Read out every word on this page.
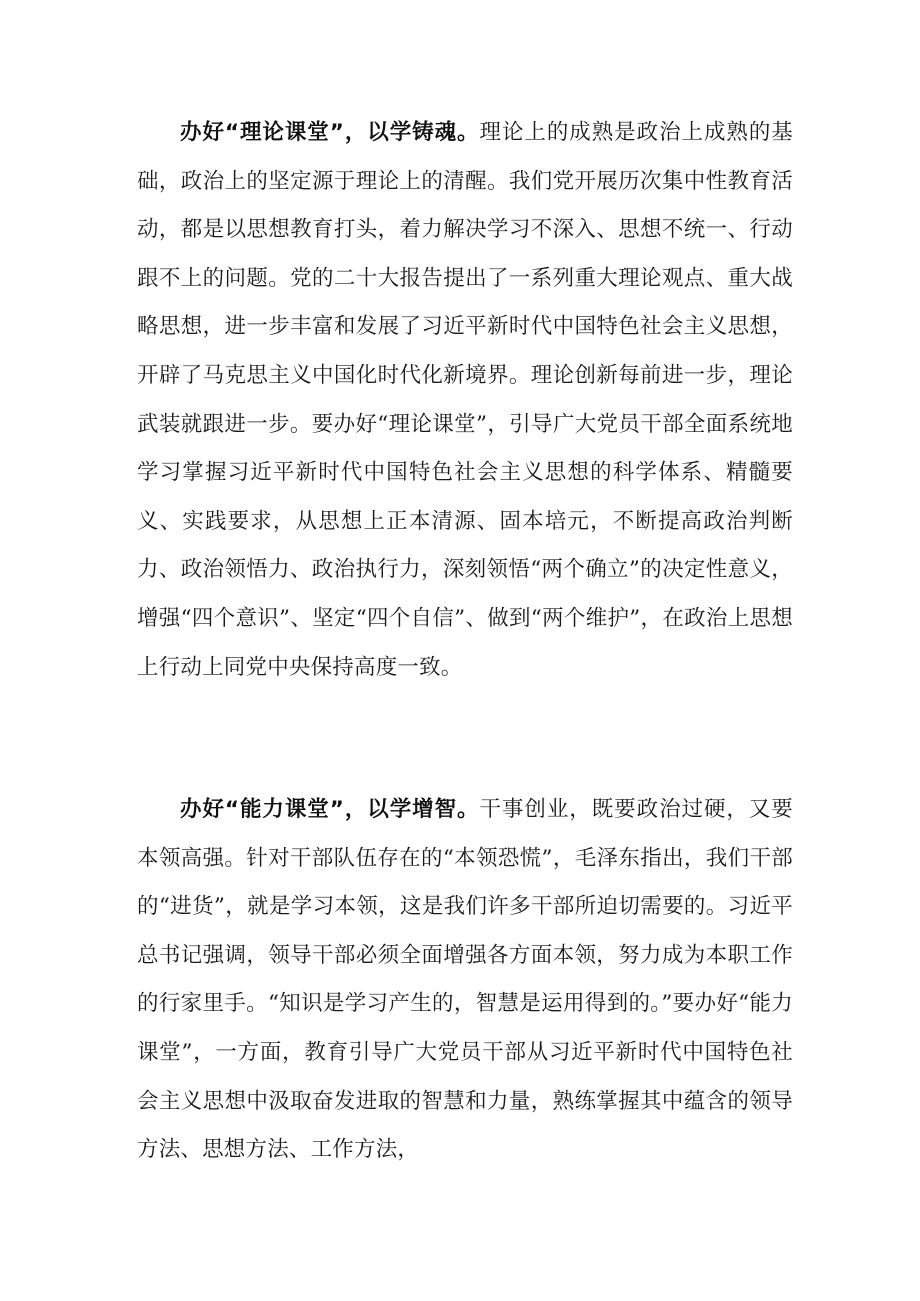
办好“理论课堂”，以学铸魂。理论上的成熟是政治上成熟的基础，政治上的坚定源于理论上的清醒。我们党开展历次集中性教育活动，都是以思想教育打头，着力解决学习不深入、思想不统一、行动跟不上的问题。党的二十大报告提出了一系列重大理论观点、重大战略思想，进一步丰富和发展了习近平新时代中国特色社会主义思想，开辟了马克思主义中国化时代化新境界。理论创新每前进一步，理论武装就跟进一步。要办好“理论课堂”，引导广大党员干部全面系统地学习掌握习近平新时代中国特色社会主义思想的科学体系、精髓要义、实践要求，从思想上正本清源、固本培元，不断提高政治判断力、政治领悟力、政治执行力，深刻领悟“两个确立”的决定性意义，增强“四个意识”、坚定“四个自信”、做到“两个维护”，在政治上思想上行动上同党中央保持高度一致。

办好“能力课堂”，以学增智。干事创业，既要政治过硬，又要本领高强。针对干部队伍存在的“本领恐慌”，毛泽东指出，我们干部的“进货”，就是学习本领，这是我们许多干部所迫切需要的。习近平总书记强调，领导干部必须全面增强各方面本领，努力成为本职工作的行家里手。“知识是学习产生的，智慧是运用得到的。”要办好“能力课堂”，一方面，教育引导广大党员干部从习近平新时代中国特色社会主义思想中汲取奋发进取的智慧和力量，熟练掌握其中蕴含的领导方法、思想方法、工作方法，
